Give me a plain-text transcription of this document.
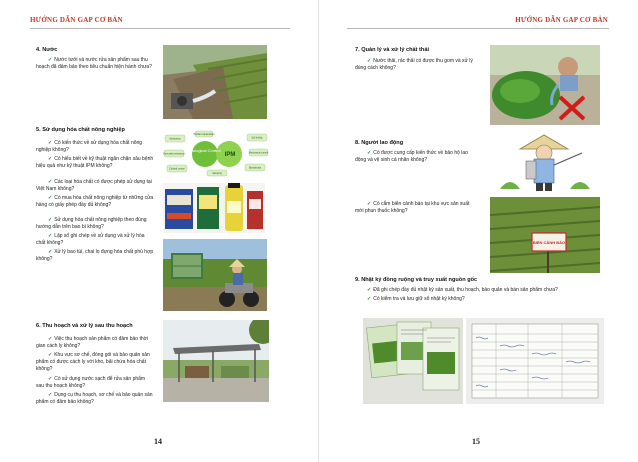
HƯỚNG DẪN GAP CƠ BẢN
4. Nước
✓ Nước tưới và nước rửa sản phẩm sau thu hoạch đã đảm bảo theo tiêu chuẩn hiện hành chưa?
5. Sử dụng hóa chất nông nghiệp
✓ Có kiến thức về sử dụng hóa chất nông nghiệp không?
✓ Có hiểu biết về kỹ thuật ngăn chặn sâu bệnh hiệu quả như kỹ thuật IPM không?
✓ Các loại hóa chất có được phép sử dụng tại Việt Nam không?
✓ Có mua hóa chất nông nghiệp từ những cửa hàng có giấy phép đầy đủ không?
✓ Sử dụng hóa chất nông nghiệp theo đúng hướng dẫn trên bao bì không?
✓ Lập sổ ghi chép về sử dụng và xử lý hóa chất không?
✓ Xử lý bao túi, chai lọ đựng hóa chất phù hợp không?
Biological Control
IPM
Monitoring
Host plant resistance
Cultural control
Habitat manipulation
Soil fertility
Mechanical control
Biorationals
Sampling
6. Thu hoạch và xử lý sau thu hoạch
✓ Việc thu hoạch sản phẩm có đảm bảo thời gian cách ly không?
✓ Khu vực sơ chế, đóng gói và bảo quản sản phẩm có được cách ly với kho, bãi chứa hóa chất không?
✓ Có sử dụng nước sạch để rửa sản phẩm sau thu hoạch không?
✓ Dụng cụ thu hoạch, sơ chế và bảo quản sản phẩm có đảm bảo không?
14
HƯỚNG DẪN GAP CƠ BẢN
7. Quản lý và xử lý chất thải
✓ Nước thải, rác thải có được thu gom và xử lý đúng cách không?
8. Người lao động
✓ Có được cung cấp kiến thức về bảo hộ lao động và vệ sinh cá nhân không?
✓ Có cắm biển cảnh báo tại khu vực sản xuất mới phun thuốc không?
BIỂN CẢNH BÁO
9. Nhật ký đồng ruộng và truy xuất nguồn gốc
✓ Đã ghi chép đầy đủ nhật ký sản xuất, thu hoạch, bảo quản và bán sản phẩm chưa?
✓ Có kiểm tra và lưu giữ sổ nhật ký không?
15
